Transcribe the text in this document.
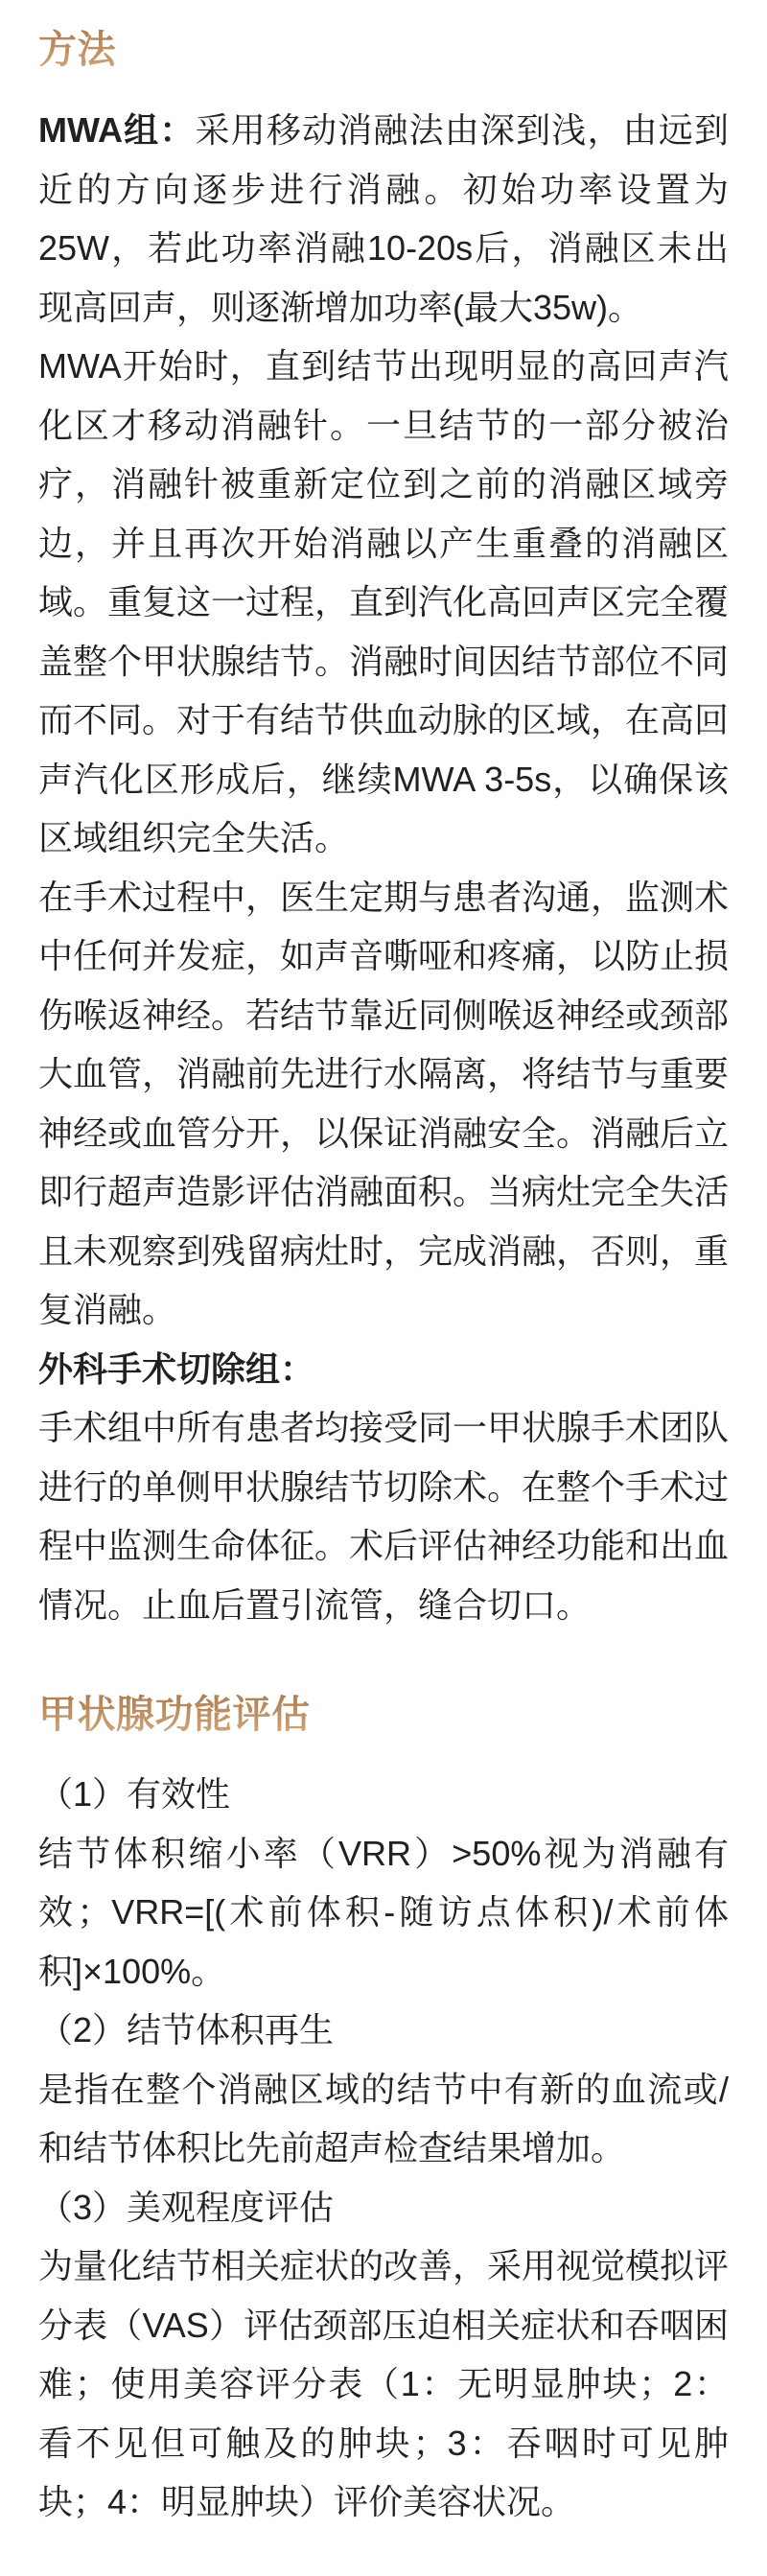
方法

MWA组：采用移动消融法由深到浅，由远到近的方向逐步进行消融。初始功率设置为25W，若此功率消融10-20s后，消融区未出现高回声，则逐渐增加功率(最大35w)。

MWA开始时，直到结节出现明显的高回声汽化区才移动消融针。一旦结节的一部分被治疗，消融针被重新定位到之前的消融区域旁边，并且再次开始消融以产生重叠的消融区域。重复这一过程，直到汽化高回声区完全覆盖整个甲状腺结节。消融时间因结节部位不同而不同。对于有结节供血动脉的区域，在高回声汽化区形成后，继续MWA 3-5s，以确保该区域组织完全失活。

在手术过程中，医生定期与患者沟通，监测术中任何并发症，如声音嘶哑和疼痛，以防止损伤喉返神经。若结节靠近同侧喉返神经或颈部大血管，消融前先进行水隔离，将结节与重要神经或血管分开，以保证消融安全。消融后立即行超声造影评估消融面积。当病灶完全失活且未观察到残留病灶时，完成消融，否则，重复消融。

外科手术切除组：

手术组中所有患者均接受同一甲状腺手术团队进行的单侧甲状腺结节切除术。在整个手术过程中监测生命体征。术后评估神经功能和出血情况。止血后置引流管，缝合切口。

甲状腺功能评估

（1）有效性

结节体积缩小率（VRR）>50%视为消融有效；VRR=[(术前体积-随访点体积)/术前体积]×100%。

（2）结节体积再生

是指在整个消融区域的结节中有新的血流或/和结节体积比先前超声检查结果增加。

（3）美观程度评估

为量化结节相关症状的改善，采用视觉模拟评分表（VAS）评估颈部压迫相关症状和吞咽困难；使用美容评分表（1：无明显肿块；2：看不见但可触及的肿块；3：吞咽时可见肿块；4：明显肿块）评价美容状况。
